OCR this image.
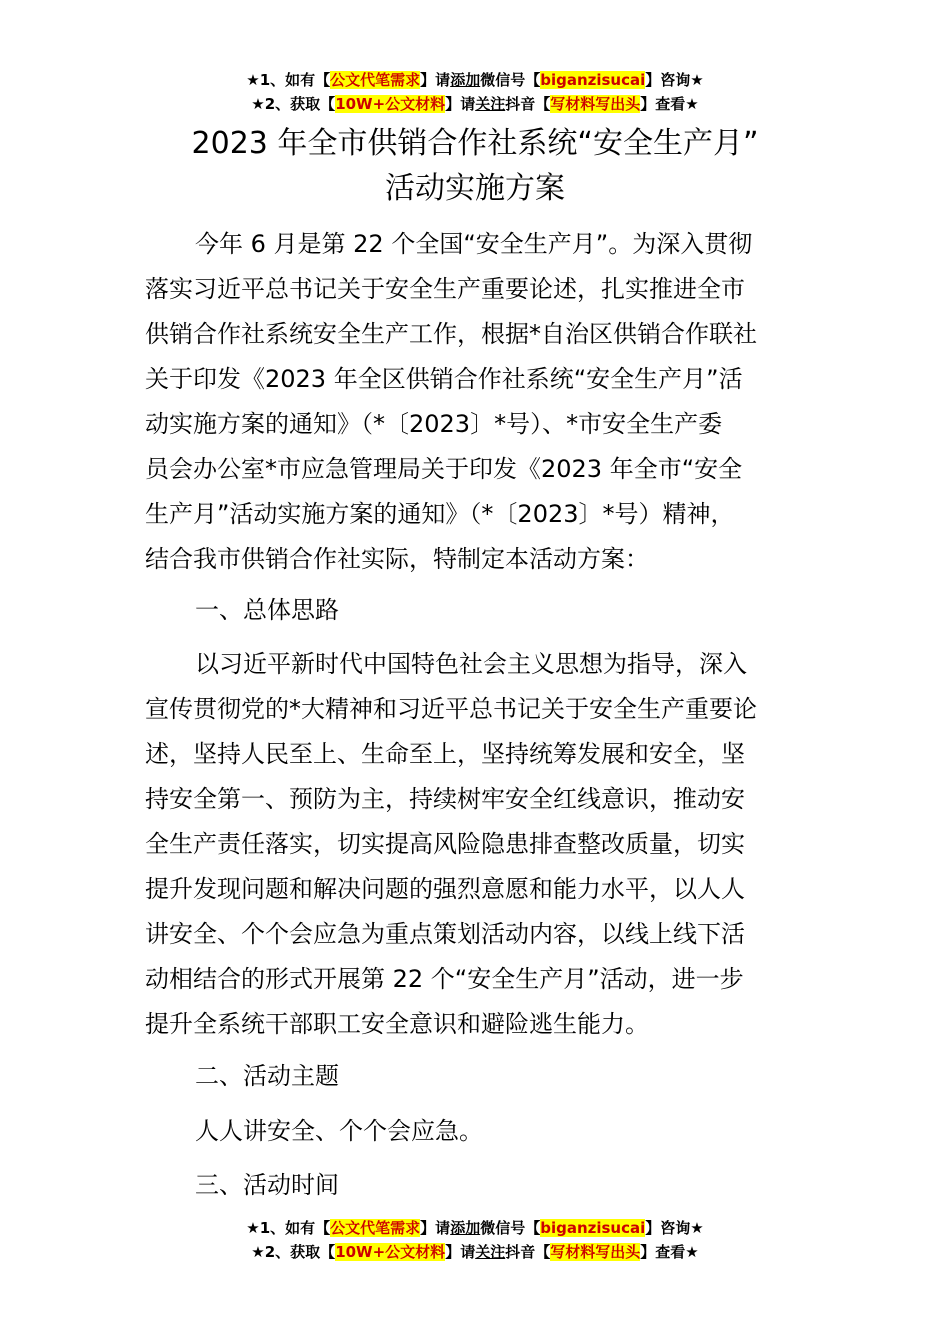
★1、如有【公文代笔需求】请添加微信号【biganzisucai】咨询★
★2、获取【10W+公文材料】请关注抖音【写材料写出头】查看★
2023 年全市供销合作社系统“安全生产月”
活动实施方案
今年 6 月是第 22 个全国“安全生产月”。为深入贯彻
落实习近平总书记关于安全生产重要论述，扎实推进全市
供销合作社系统安全生产工作，根据*自治区供销合作联社
关于印发《2023 年全区供销合作社系统“安全生产月”活
动实施方案的通知》（*〔2023〕*号）、*市安全生产委
员会办公室*市应急管理局关于印发《2023 年全市“安全
生产月”活动实施方案的通知》（*〔2023〕*号）精神，
结合我市供销合作社实际，特制定本活动方案：
一、总体思路
以习近平新时代中国特色社会主义思想为指导，深入
宣传贯彻党的*大精神和习近平总书记关于安全生产重要论
述，坚持人民至上、生命至上，坚持统筹发展和安全，坚
持安全第一、预防为主，持续树牢安全红线意识，推动安
全生产责任落实，切实提高风险隐患排查整改质量，切实
提升发现问题和解决问题的强烈意愿和能力水平，以人人
讲安全、个个会应急为重点策划活动内容，以线上线下活
动相结合的形式开展第 22 个“安全生产月”活动，进一步
提升全系统干部职工安全意识和避险逃生能力。
二、活动主题
人人讲安全、个个会应急。
三、活动时间
★1、如有【公文代笔需求】请添加微信号【biganzisucai】咨询★
★2、获取【10W+公文材料】请关注抖音【写材料写出头】查看★
